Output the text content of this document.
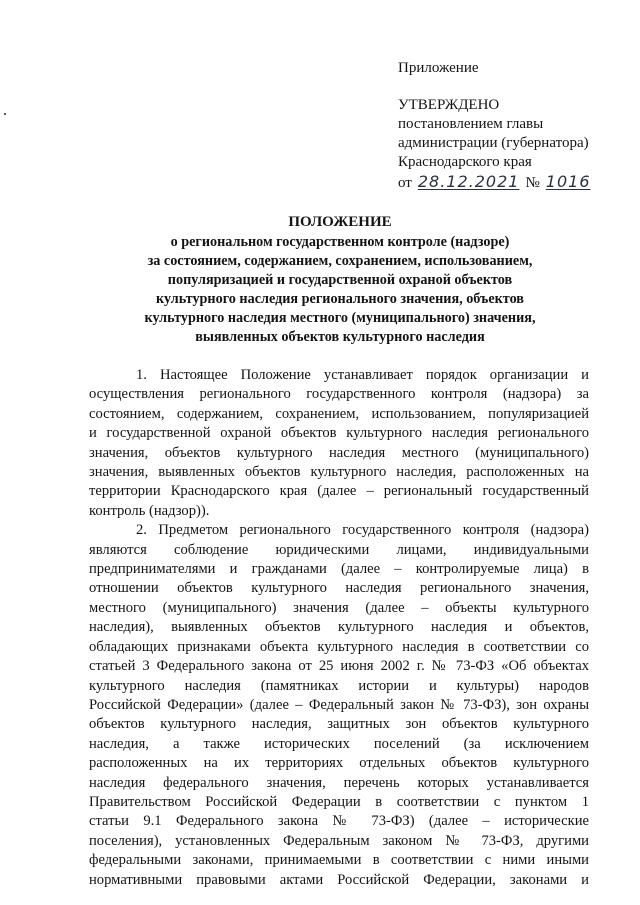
Приложение
УТВЕРЖДЕНО
постановлением главы
администрации (губернатора)
Краснодарского края
от 28.12.2021 № 1016
ПОЛОЖЕНИЕ
о региональном государственном контроле (надзоре)
за состоянием, содержанием, сохранением, использованием,
популяризацией и государственной охраной объектов
культурного наследия регионального значения, объектов
культурного наследия местного (муниципального) значения,
выявленных объектов культурного наследия
1. Настоящее Положение устанавливает порядок организации и
осуществления регионального государственного контроля (надзора) за
состоянием, содержанием, сохранением, использованием, популяризацией
и государственной охраной объектов культурного наследия регионального
значения, объектов культурного наследия местного (муниципального)
значения, выявленных объектов культурного наследия, расположенных на
территории Краснодарского края (далее – региональный государственный
контроль (надзор)).
2. Предметом регионального государственного контроля (надзора)
являются соблюдение юридическими лицами, индивидуальными
предпринимателями и гражданами (далее – контролируемые лица) в
отношении объектов культурного наследия регионального значения,
местного (муниципального) значения (далее – объекты культурного
наследия), выявленных объектов культурного наследия и объектов,
обладающих признаками объекта культурного наследия в соответствии со
статьей 3 Федерального закона от 25 июня 2002 г. № 73-ФЗ «Об объектах
культурного наследия (памятниках истории и культуры) народов
Российской Федерации» (далее – Федеральный закон № 73-ФЗ), зон охраны
объектов культурного наследия, защитных зон объектов культурного
наследия, а также исторических поселений (за исключением
расположенных на их территориях отдельных объектов культурного
наследия федерального значения, перечень которых устанавливается
Правительством Российской Федерации в соответствии с пунктом 1
статьи 9.1 Федерального закона № 73-ФЗ) (далее – исторические
поселения), установленных Федеральным законом № 73-ФЗ, другими
федеральными законами, принимаемыми в соответствии с ними иными
нормативными правовыми актами Российской Федерации, законами и
